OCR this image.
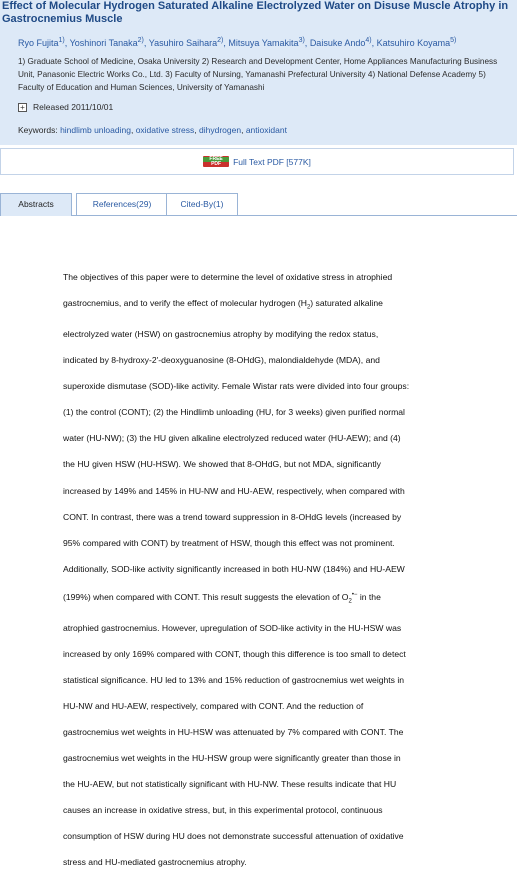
Effect of Molecular Hydrogen Saturated Alkaline Electrolyzed Water on Disuse Muscle Atrophy in
Gastrocnemius Muscle
Ryo Fujita$^{1)}$, Yoshinori Tanaka$^{2)}$, Yasuhiro Saihara$^{2)}$, Mitsuya Yamakita$^{3)}$, Daisuke Ando$^{4)}$, Katsuhiro Koyama$^{5)}$
1) Graduate School of Medicine, Osaka University 2) Research and Development Center, Home Appliances Manufacturing Business
Unit, Panasonic Electric Works Co., Ltd. 3) Faculty of Nursing, Yamanashi Prefectural University 4) National Defense Academy 5)
Faculty of Education and Human Sciences, University of Yamanashi
+ Released 2011/10/01
Keywords: hindlimb unloading, oxidative stress, dihydrogen, antioxidant
FREE
PDF	Full Text PDF [577K]
Abstracts	References(29)	Cited-By(1)

The objectives of this paper were to determine the level of oxidative stress in atrophied

gastrocnemius, and to verify the effect of molecular hydrogen $(H_2)$ saturated alkaline

electrolyzed water (HSW) on gastrocnemius atrophy by modifying the redox status,

indicated by 8-hydroxy-2'-deoxyguanosine (8-OHdG), malondialdehyde (MDA), and

superoxide dismutase (SOD)-like activity. Female Wistar rats were divided into four groups:

(1) the control (CONT); (2) the Hindlimb unloading (HU, for 3 weeks) given purified normal

water (HU-NW); (3) the HU given alkaline electrolyzed reduced water (HU-AEW); and (4)

the HU given HSW (HU-HSW). We showed that 8-OHdG, but not MDA, significantly

increased by 149% and 145% in HU-NW and HU-AEW, respectively, when compared with

CONT. In contrast, there was a trend toward suppression in 8-OHdG levels (increased by

95% compared with CONT) by treatment of HSW, though this effect was not prominent.

Additionally, SOD-like activity significantly increased in both HU-NW (184%) and HU-AEW

(199%) when compared with CONT. This result suggests the elevation of $O_2^{•-}$ in the

atrophied gastrocnemius. However, upregulation of SOD-like activity in the HU-HSW was

increased by only 169% compared with CONT, though this difference is too small to detect

statistical significance. HU led to 13% and 15% reduction of gastrocnemius wet weights in

HU-NW and HU-AEW, respectively, compared with CONT. And the reduction of

gastrocnemius wet weights in HU-HSW was attenuated by 7% compared with CONT. The

gastrocnemius wet weights in the HU-HSW group were significantly greater than those in

the HU-AEW, but not statistically significant with HU-NW. These results indicate that HU

causes an increase in oxidative stress, but, in this experimental protocol, continuous

consumption of HSW during HU does not demonstrate successful attenuation of oxidative

stress and HU-mediated gastrocnemius atrophy.
